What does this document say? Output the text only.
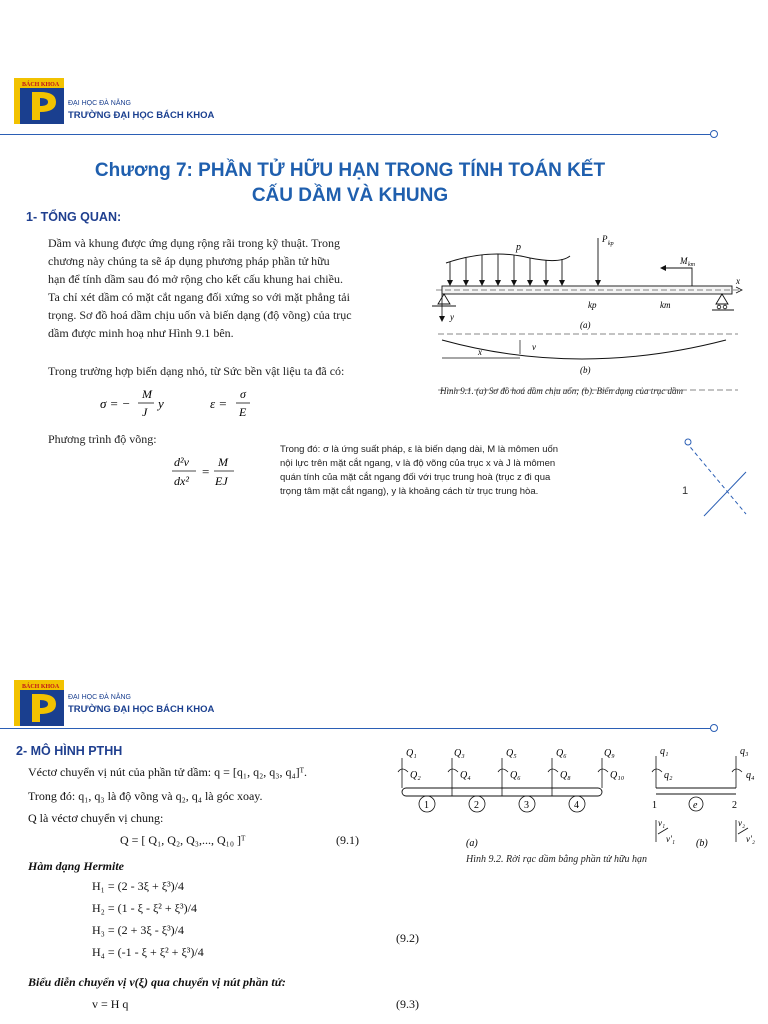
BÁCH KHOA
ĐẠI HỌC ĐÀ NẴNG
TRƯỜNG ĐẠI HỌC BÁCH KHOA
Chương 7: PHẦN TỬ HỮU HẠN TRONG TÍNH TOÁN KẾT
CẤU DẦM VÀ KHUNG
1- TỔNG QUAN:
Dầm và khung được ứng dụng rộng rãi trong kỹ thuật. Trong
chương này chúng ta sẽ áp dụng phương pháp phần tử hữu
hạn để tính dầm sau đó mở rộng cho kết cấu khung hai chiều.
Ta chỉ xét dầm có mặt cắt ngang đối xứng so với mặt phẳng tải
trọng. Sơ đồ hoá dầm chịu uốn và biến dạng (độ võng) của trục
dầm được minh hoạ như Hình 9.1 bên.
Trong trường hợp biến dạng nhỏ, từ Sức bền vật liệu ta đã có:
σ = −
M
J
y	ε =
σ
E
Phương trình độ võng:
d²v
dx²
=
M
EJ
Trong đó: σ là ứng suất pháp, ε là biến dạng dài, M là mômen uốn
nội lực trên mặt cắt ngang, v là độ võng của trục x và J là mômen
quán tính của mặt cắt ngang đối với trục trung hoà (trục z đi qua
trọng tâm mặt cắt ngang), y là khoảng cách từ trục trung hòa.
p
P kp
M km
x
kp	km
y
(a)
v
x
(b)
Hình 9.1. (a) Sơ đồ hoá dầm chịu uốn; (b). Biến dạng của trục dầm
1
BÁCH KHOA
ĐẠI HỌC ĐÀ NẴNG
TRƯỜNG ĐẠI HỌC BÁCH KHOA
2- MÔ HÌNH PTHH
Véctơ chuyển vị nút của phần tử dầm: q = [q₁, q₂, q₃, q₄]ᵀ.
Trong đó: q₁, q₃ là độ võng và q₂, q₄ là góc xoay.
Q là véctơ chuyển vị chung:
Q = [ Q₁, Q₂, Q₃,..., Q₁₀ ]ᵀ	(9.1)
Hàm dạng Hermite
H₁ = (2 - 3ξ + ξ³)/4
H₂ = (1 - ξ - ξ² + ξ³)/4
H₃ = (2 + 3ξ - ξ³)/4
(9.2)
H₄ = (-1 - ξ + ξ² + ξ³)/4
Biểu diễn chuyển vị v(ξ) qua chuyển vị nút phần tử:
v = H q	(9.3)
Q₁
Q₂
Q₃
Q₄
Q₅
Q₆
Q₆
Q₈
Q₉
Q₁₀
1	2	3	4
(a)
e
q₁
q₂
q₃
q₄
1	2
v₁
v'₁
v₂
v'₂
(b)
Hình 9.2. Rời rạc dầm bằng phần tử hữu hạn
